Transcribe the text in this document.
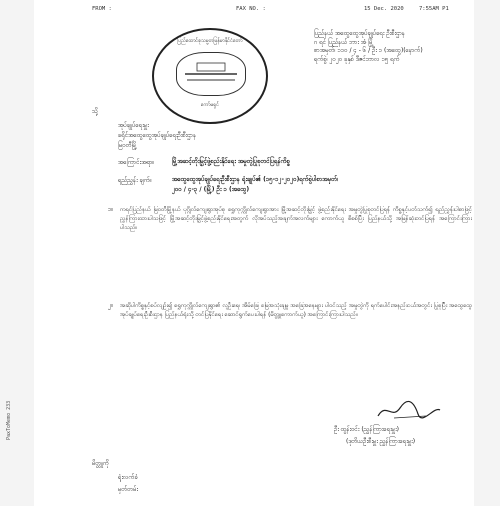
FROM :	FAX NO. :	15 Dec. 2020	7:55AM P1
ပြည်ထောင်စုသမ္မတမြန်မာနိုင်ငံတော်
ကော်မရှင်
ပြည်နယ် အထွေထွေအုပ်ချုပ်ရေး ဦးစီးဌာန
ဂ ရင် ပြည်နယ် ဘား အံ မြို့
စာအမှတ်၊ ၁၁၀ / ၄ - ၆ / ဦး ၁ (အထွေ)(နောက်)
ရက်စွဲ၊ ၂၀၂၀ ခုနှစ် ဒီဇင်ဘာလ ၁၅ ရက်
သို့
အုပ်ချုပ်ရေးမှူး
ခရိုင်အထွေထွေအုပ်ချုပ်ရေးဦးစီးဌာန
မြဝတီမြို့
အကြောင်းအရာ။	မြို့အဆင့်တိုးမြှင့်ဖွဲ့စည်းနိုင်ရေး အမှုတွဲပြုစုတင်ပြရန်ကိစ္စ
ရည်ညွှန်း ချက်။	အထွေထွေအုပ်ချုပ်ရေးဦးစီးဌာန ရုံးချုပ်၏ (၁၅-၁၂-၂၀၂၀)ရက်စွဲပါစာအမှတ်၊
၂၀၀ / ၄-၃ / (မြို့) ဦး ၁ (အထွေ)
၁။ ကရင်ပြည်နယ် မြဝတီမြို့နယ် ပုဂ္ဂိုလ်ကျေးရွာအုပ်စု ရွှေကုက္ကိုလ်ကျေးရွာအား မြို့အဆင့်တိုးမြှင့် ဖွဲ့စည်းနိုင်ရေး အမှုတွဲပြုစုတင်ပြရန် ကိစ္စနှင့်ပတ်သက်၍ ရည်ညွှန်းပါစာဖြင့် ညွှန်ကြားထားပါသဖြင့် မြို့အဆင့်တိုးမြှင့်ဖွဲ့စည်းနိုင်ရေးအတွက် လိုအပ်သည့်အချက်အလက်များ ကောက်ယူ စိစစ်ပြီး ပြည်နယ်သို့ အမြန်ဆုံးတင်ပြရန် အကြောင်းကြားပါသည်။
၂။ အဆိုပါကိစ္စနှင့်စပ်လျဉ်း၍ ရွှေကုက္ကိုလ်ကျေးရွာ၏ လူဦးရေ၊ အိမ်ခြေ၊ မြေအသုံးချမှု အခြေအနေများ ပါဝင်သည့် အမှုတွဲကို ရက်ပေါင်းအနည်းငယ်အတွင်း ပြုစုပြီး အထွေထွေအုပ်ချုပ်ရေးဦးစီးဌာန ပြည်နယ်ရုံးသို့ တင်ပြနိုင်ရေး ဆောင်ရွက်ပေးပါရန် (မိတ္တူကောက်ယူ) အကြောင်းကြားပါသည်။
ဦး ထွန်းဝင်း (ညွှန်ကြားရေးမှူး)
(ဒုတိယဦးစီးမှူး ညွှန်ကြားရေးမှူး)
မိတ္တူကို
ရုံးလက်ခံ
မှတ်တမ်း
PaxToMemo 233
